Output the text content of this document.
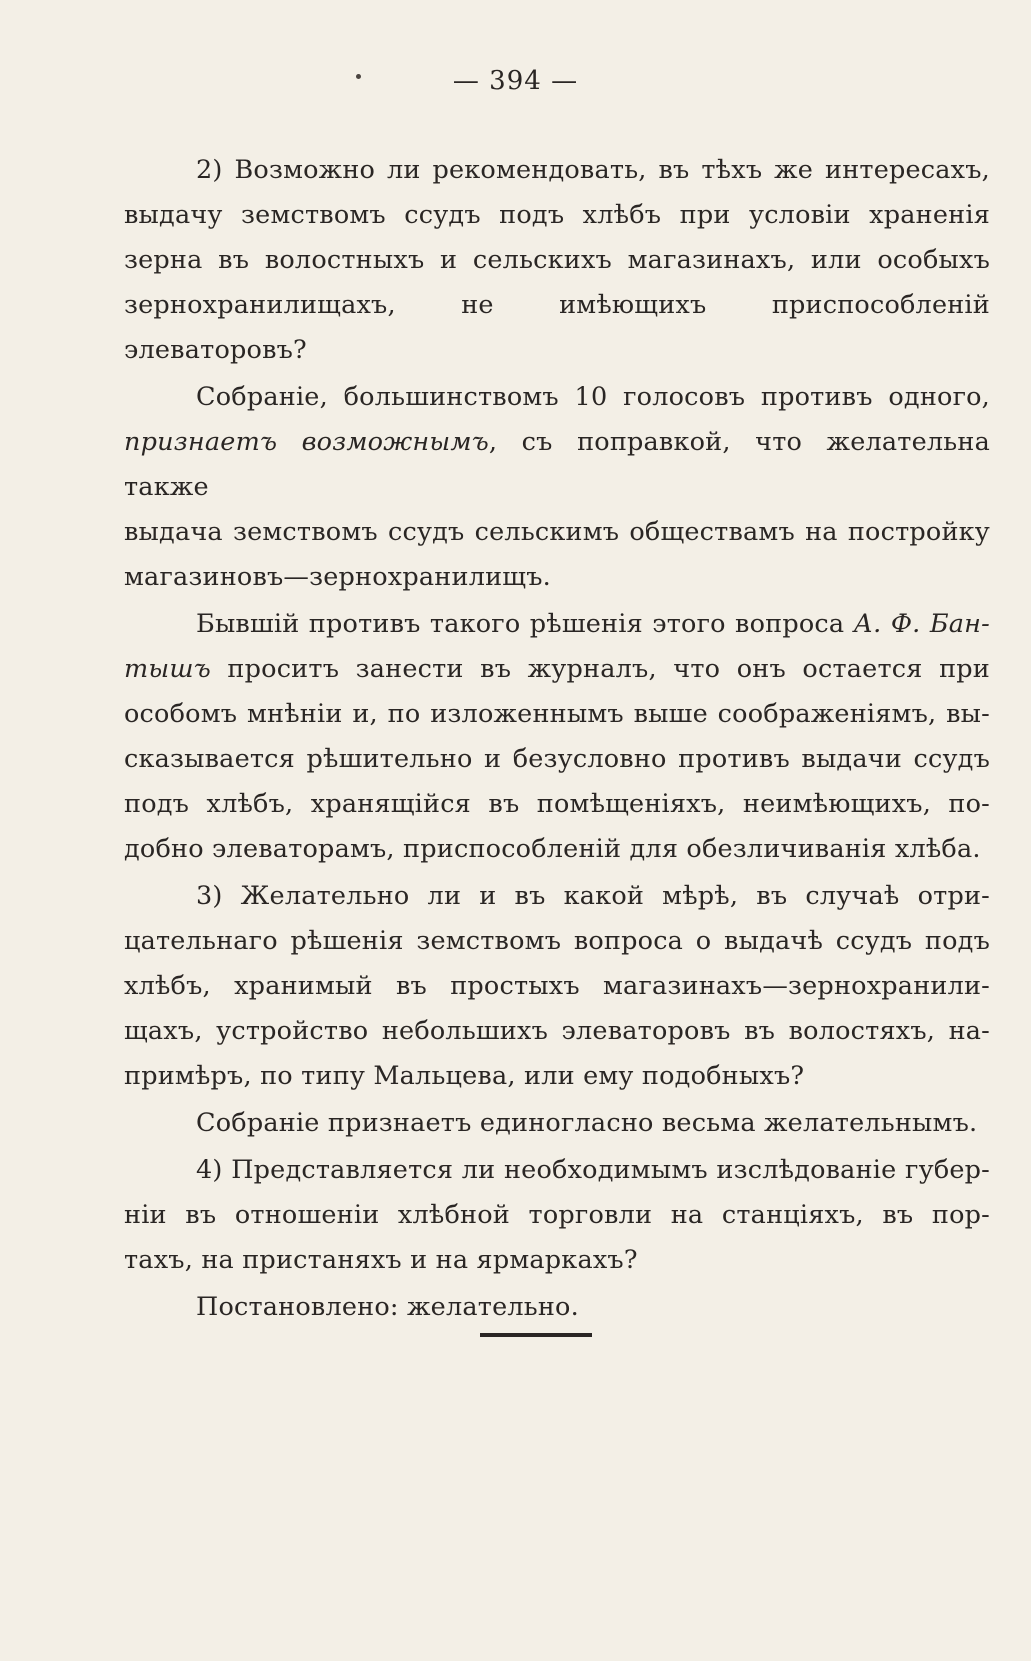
— 394 —

2) Возможно ли рекомендовать, въ тѣхъ же интересахъ,
выдачу земствомъ ссудъ подъ хлѣбъ при условіи храненія
зерна въ волостныхъ и сельскихъ магазинахъ, или особыхъ
зернохранилищахъ, не имѣющихъ приспособленій элеваторовъ?

Собраніе, большинствомъ 10 голосовъ противъ одного,
признаетъ возможнымъ, съ поправкой, что желательна также
выдача земствомъ ссудъ сельскимъ обществамъ на постройку
магазиновъ—зернохранилищъ.

Бывшій противъ такого рѣшенія этого вопроса А. Ф. Бан-
тышъ проситъ занести въ журналъ, что онъ остается при
особомъ мнѣніи и, по изложеннымъ выше соображеніямъ, вы-
сказывается рѣшительно и безусловно противъ выдачи ссудъ
подъ хлѣбъ, хранящійся въ помѣщеніяхъ, неимѣющихъ, по-
добно элеваторамъ, приспособленій для обезличиванія хлѣба.

3) Желательно ли и въ какой мѣрѣ, въ случаѣ отри-
цательнаго рѣшенія земствомъ вопроса о выдачѣ ссудъ подъ
хлѣбъ, хранимый въ простыхъ магазинахъ—зернохранили-
щахъ, устройство небольшихъ элеваторовъ въ волостяхъ, на-
примѣръ, по типу Мальцева, или ему подобныхъ?

Собраніе признаетъ единогласно весьма желательнымъ.

4) Представляется ли необходимымъ изслѣдованіе губер-
ніи въ отношеніи хлѣбной торговли на станціяхъ, въ пор-
тахъ, на пристаняхъ и на ярмаркахъ?

Постановлено: желательно.
